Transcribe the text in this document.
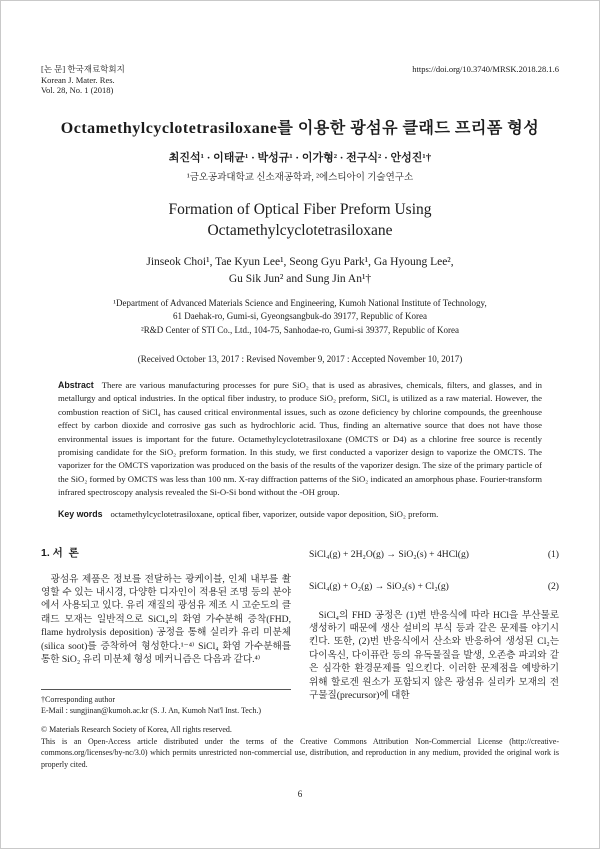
[논 문] 한국재료학회지
Korean J. Mater. Res.
Vol. 28, No. 1 (2018)
https://doi.org/10.3740/MRSK.2018.28.1.6
Octamethylcyclotetrasiloxane를 이용한 광섬유 클래드 프리폼 형성
최진석¹ · 이태균¹ · 박성규¹ · 이가형² · 전구식² · 안성진¹†
¹금오공과대학교 신소재공학과, ²에스티아이 기술연구소
Formation of Optical Fiber Preform Using
Octamethylcyclotetrasiloxane
Jinseok Choi¹, Tae Kyun Lee¹, Seong Gyu Park¹, Ga Hyoung Lee²,
Gu Sik Jun² and Sung Jin An¹†
¹Department of Advanced Materials Science and Engineering, Kumoh National Institute of Technology,
61 Daehak-ro, Gumi-si, Gyeongsangbuk-do 39177, Republic of Korea
²R&D Center of STI Co., Ltd., 104-75, Sanhodae-ro, Gumi-si 39377, Republic of Korea
(Received October 13, 2017 : Revised November 9, 2017 : Accepted November 10, 2017)
Abstract There are various manufacturing processes for pure SiO₂ that is used as abrasives, chemicals, filters, and glasses, and in metallurgy and optical industries. In the optical fiber industry, to produce SiO₂ preform, SiCl₄ is utilized as a raw material. However, the combustion reaction of SiCl₄ has caused critical environmental issues, such as ozone deficiency by chlorine compounds, the greenhouse effect by carbon dioxide and corrosive gas such as hydrochloric acid. Thus, finding an alternative source that does not have those environmental issues is important for the future. Octamethylcyclotetrasiloxane (OMCTS or D4) as a chlorine free source is recently promising candidate for the SiO₂ preform formation. In this study, we first conducted a vaporizer design to vaporize the OMCTS. The vaporizer for the OMCTS vaporization was produced on the basis of the results of the vaporizer design. The size of the primary particle of the SiO₂ formed by OMCTS was less than 100 nm. X-ray diffraction patterns of the SiO₂ indicated an amorphous phase. Fourier-transform infrared spectroscopy analysis revealed the Si-O-Si bond without the -OH group.
Key words octamethylcyclotetrasiloxane, optical fiber, vaporizer, outside vapor deposition, SiO₂ preform.
1. 서  론
광섬유 제품은 정보를 전달하는 광케이블, 인체 내부를 촬영할 수 있는 내시경, 다양한 디자인이 적용된 조명 등의 분야에서 사용되고 있다. 유리 재질의 광섬유 제조 시 고순도의 클래드 모재는 일반적으로 SiCl₄의 화염 가수분해 증착(FHD, flame hydrolysis deposition) 공정을 통해 실리카 유리 미분체(silica soot)를 증착하여 형성한다.¹⁻⁴⁾ SiCl₄ 화염 가수분해를 통한 SiO₂ 유리 미분체 형성 메커니즘은 다음과 같다.⁴⁾
SiCl₄(g) + 2H₂O(g) → SiO₂(s) + 4HCl(g)	(1)
SiCl₄(g) + O₂(g) → SiO₂(s) + Cl₂(g)	(2)
SiCl₄의 FHD 공정은 (1)번 반응식에 따라 HCl을 부산물로 생성하기 때문에 생산 설비의 부식 등과 같은 문제를 야기시킨다. 또한, (2)번 반응식에서 산소와 반응하여 생성된 Cl₂는 다이옥신, 다이퓨란 등의 유독물질을 발생, 오존층 파괴와 같은 심각한 환경문제를 일으킨다. 이러한 문제점을 예방하기 위해 할로겐 원소가 포함되지 않은 광섬유 실리카 모재의 전구물질(precursor)에 대한
†Corresponding author
E-Mail : sungjinan@kumoh.ac.kr (S. J. An, Kumoh Nat'l Inst. Tech.)
© Materials Research Society of Korea, All rights reserved.
This is an Open-Access article distributed under the terms of the Creative Commons Attribution Non-Commercial License (http://creative-commons.org/licenses/by-nc/3.0) which permits unrestricted non-commercial use, distribution, and reproduction in any medium, provided the original work is properly cited.
6
